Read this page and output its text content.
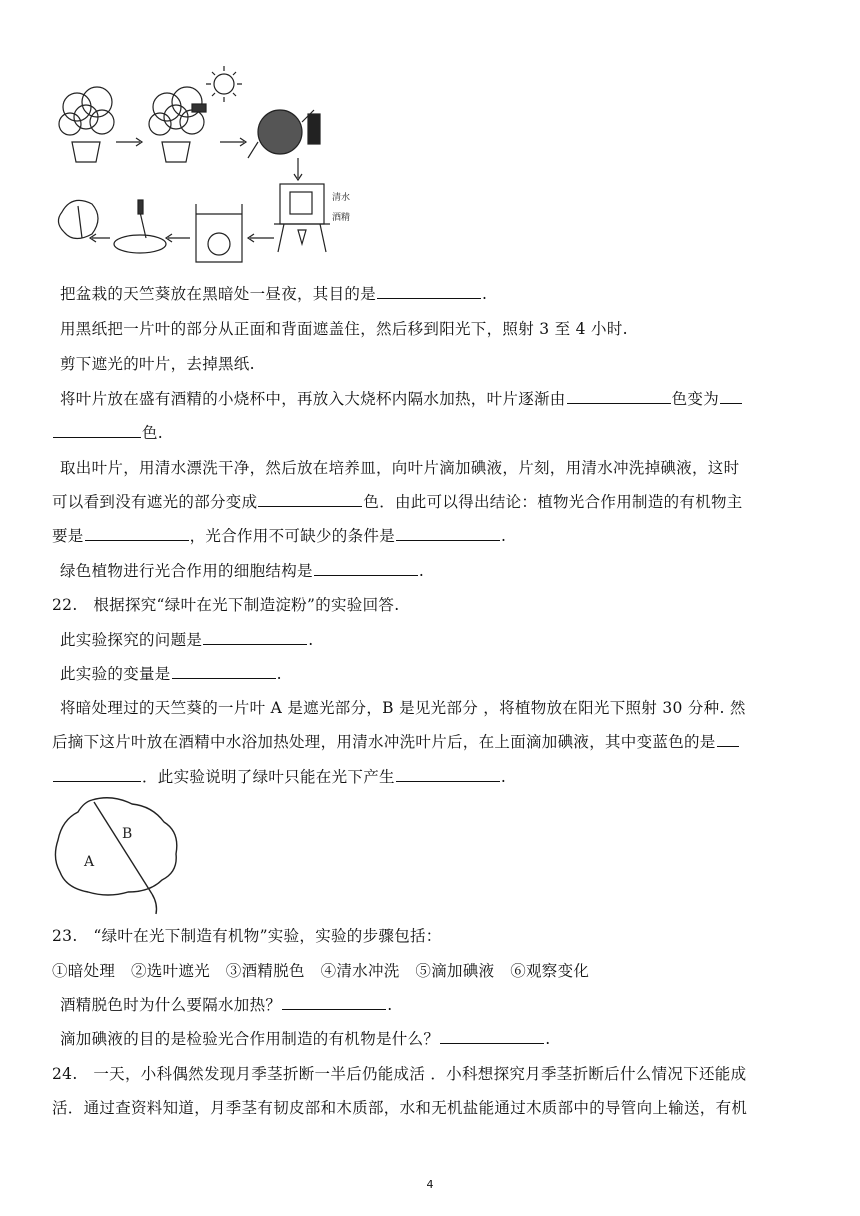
清水
酒精
把盆栽的天竺葵放在黑暗处一昼夜，其目的是	.
用黑纸把一片叶的部分从正面和背面遮盖住，然后移到阳光下，照射 3 至 4 小时.
剪下遮光的叶片，去掉黑纸.
将叶片放在盛有酒精的小烧杯中，再放入大烧杯内隔水加热，叶片逐渐由	色变为
色.
取出叶片，用清水漂洗干净，然后放在培养皿，向叶片滴加碘液，片刻，用清水冲洗掉碘液，这时
可以看到没有遮光的部分变成	色．由此可以得出结论：植物光合作用制造的有机物主
要是	，光合作用不可缺少的条件是	.
绿色植物进行光合作用的细胞结构是	.
22.　根据探究“绿叶在光下制造淀粉”的实验回答.
此实验探究的问题是	.
此实验的变量是	.
将暗处理过的天竺葵的一片叶 A 是遮光部分，B 是见光部分 ，将植物放在阳光下照射 30 分种. 然
后摘下这片叶放在酒精中水浴加热处理，用清水冲洗叶片后，在上面滴加碘液，其中变蓝色的是
．此实验说明了绿叶只能在光下产生	.
B
A
23.　“绿叶在光下制造有机物”实验，实验的步骤包括：
①暗处理　②选叶遮光　③酒精脱色　④清水冲洗　⑤滴加碘液　⑥观察变化
酒精脱色时为什么要隔水加热？	.
滴加碘液的目的是检验光合作用制造的有机物是什么？	.
24.　一天，小科偶然发现月季茎折断一半后仍能成活 ．小科想探究月季茎折断后什么情况下还能成
活．通过查资料知道，月季茎有韧皮部和木质部，水和无机盐能通过木质部中的导管向上输送，有机
4
